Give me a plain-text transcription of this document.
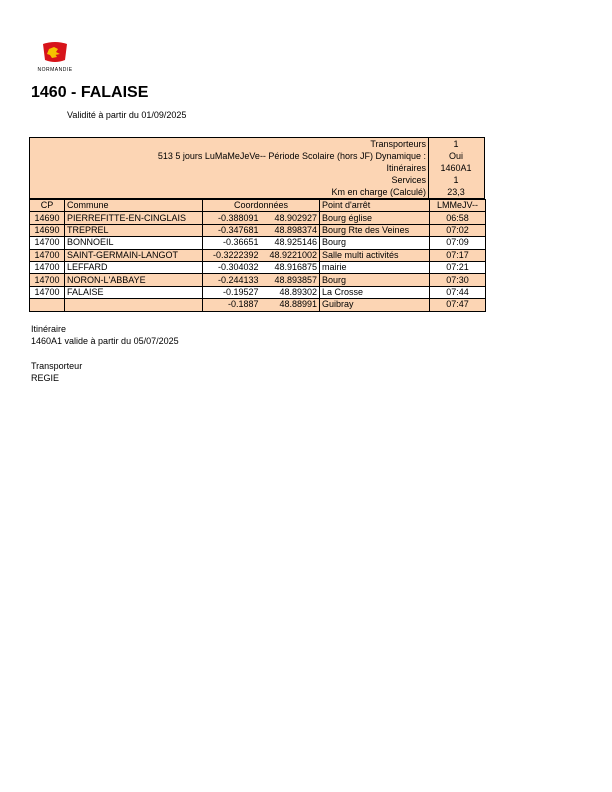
NORMANDIE
1460 - FALAISE
Validité à partir du 01/09/2025
Transporteurs	1
513 5 jours LuMaMeJeVe-- Période Scolaire (hors JF) Dynamique :	Oui
Itinéraires	1460A1
Services	1
Km en charge (Calculé)	23,3
CP	Commune	Coordonnées		Point d'arrêt	LMMeJV--
14690	PIERREFITTE-EN-CINGLAIS	-0.388091	48.902927	Bourg église	06:58
14690	TREPREL	-0.347681	48.898374	Bourg Rte des Veines	07:02
14700	BONNOEIL	-0.36651	48.925146	Bourg	07:09
14700	SAINT-GERMAIN-LANGOT	-0.3222392	48.9221002	Salle multi activités	07:17
14700	LEFFARD	-0.304032	48.916875	mairie	07:21
14700	NORON-L'ABBAYE	-0.244133	48.893857	Bourg	07:30
14700	FALAISE	-0.19527	48.89302	La Crosse	07:44
		-0.1887	48.88991	Guibray	07:47
Itinéraire
1460A1 valide à partir du 05/07/2025
Transporteur
REGIE
